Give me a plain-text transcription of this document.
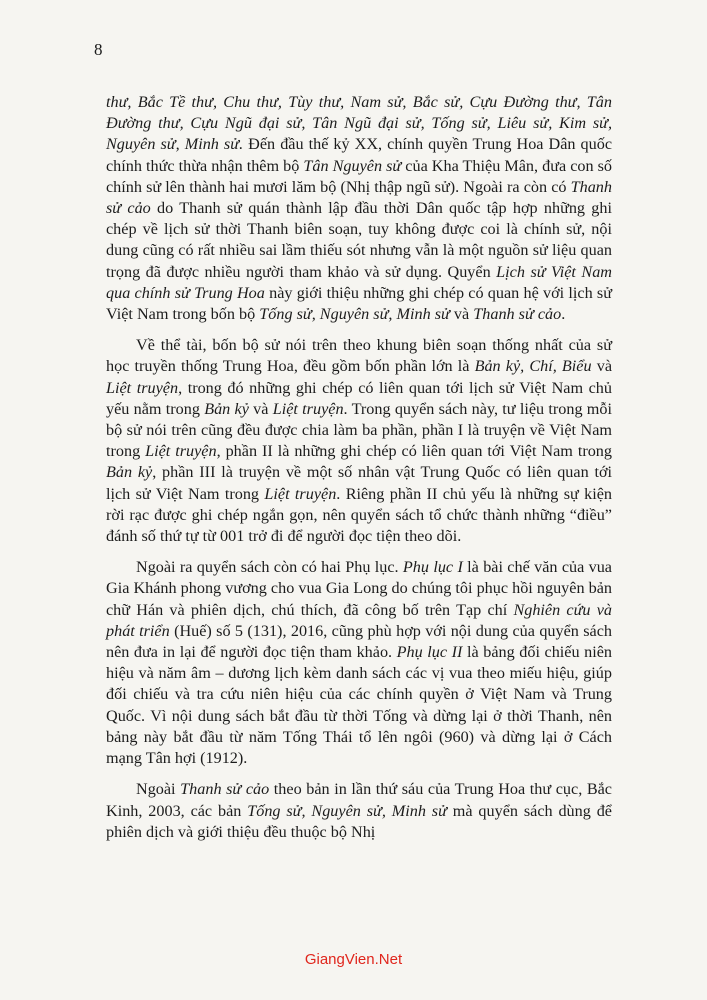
8

thư, Bắc Tề thư, Chu thư, Tùy thư, Nam sử, Bắc sử, Cựu Đường thư, Tân Đường thư, Cựu Ngũ đại sử, Tân Ngũ đại sử, Tống sử, Liêu sử, Kim sử, Nguyên sử, Minh sử. Đến đầu thế kỷ XX, chính quyền Trung Hoa Dân quốc chính thức thừa nhận thêm bộ Tân Nguyên sử của Kha Thiệu Mân, đưa con số chính sử lên thành hai mươi lăm bộ (Nhị thập ngũ sử). Ngoài ra còn có Thanh sử cảo do Thanh sử quán thành lập đầu thời Dân quốc tập hợp những ghi chép về lịch sử thời Thanh biên soạn, tuy không được coi là chính sử, nội dung cũng có rất nhiều sai lầm thiếu sót nhưng vẫn là một nguồn sử liệu quan trọng đã được nhiều người tham khảo và sử dụng. Quyển Lịch sử Việt Nam qua chính sử Trung Hoa này giới thiệu những ghi chép có quan hệ với lịch sử Việt Nam trong bốn bộ Tống sử, Nguyên sử, Minh sử và Thanh sử cảo.

Về thể tài, bốn bộ sử nói trên theo khung biên soạn thống nhất của sử học truyền thống Trung Hoa, đều gồm bốn phần lớn là Bản kỷ, Chí, Biểu và Liệt truyện, trong đó những ghi chép có liên quan tới lịch sử Việt Nam chủ yếu nằm trong Bản kỷ và Liệt truyện. Trong quyển sách này, tư liệu trong mỗi bộ sử nói trên cũng đều được chia làm ba phần, phần I là truyện về Việt Nam trong Liệt truyện, phần II là những ghi chép có liên quan tới Việt Nam trong Bản kỷ, phần III là truyện về một số nhân vật Trung Quốc có liên quan tới lịch sử Việt Nam trong Liệt truyện. Riêng phần II chủ yếu là những sự kiện rời rạc được ghi chép ngắn gọn, nên quyển sách tổ chức thành những “điều” đánh số thứ tự từ 001 trở đi để người đọc tiện theo dõi.

Ngoài ra quyển sách còn có hai Phụ lục. Phụ lục I là bài chế văn của vua Gia Khánh phong vương cho vua Gia Long do chúng tôi phục hồi nguyên bản chữ Hán và phiên dịch, chú thích, đã công bố trên Tạp chí Nghiên cứu và phát triển (Huế) số 5 (131), 2016, cũng phù hợp với nội dung của quyển sách nên đưa in lại để người đọc tiện tham khảo. Phụ lục II là bảng đối chiếu niên hiệu và năm âm – dương lịch kèm danh sách các vị vua theo miếu hiệu, giúp đối chiếu và tra cứu niên hiệu của các chính quyền ở Việt Nam và Trung Quốc. Vì nội dung sách bắt đầu từ thời Tống và dừng lại ở thời Thanh, nên bảng này bắt đầu từ năm Tống Thái tổ lên ngôi (960) và dừng lại ở Cách mạng Tân hợi (1912).

Ngoài Thanh sử cảo theo bản in lần thứ sáu của Trung Hoa thư cục, Bắc Kinh, 2003, các bản Tống sử, Nguyên sử, Minh sử mà quyển sách dùng để phiên dịch và giới thiệu đều thuộc bộ Nhị

GiangVien.Net
